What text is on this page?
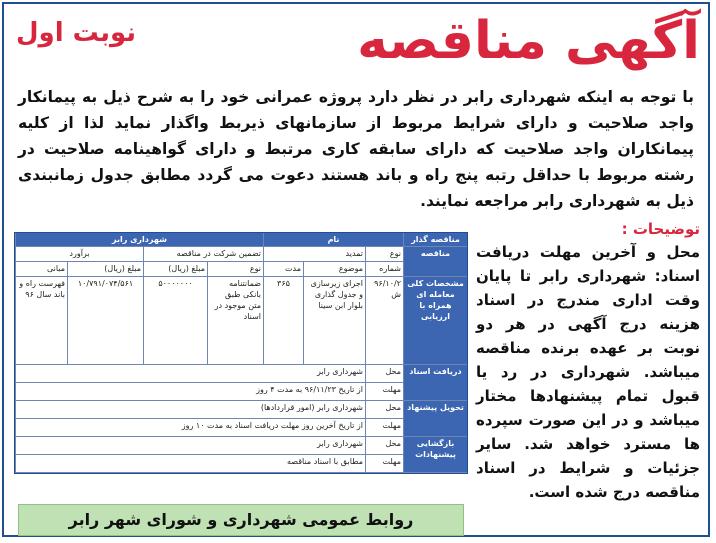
آگهی مناقصه
نوبت اول
با توجه به اینکه شهرداری رابر در نظر دارد پروژه عمرانی خود را به شرح ذیل به پیمانکار واجد صلاحیت و دارای شرایط مربوط از سازمانهای ذیربط واگذار نماید لذا از کلیه پیمانکاران واجد صلاحیت که دارای سابقه کاری مرتبط و دارای گواهینامه صلاحیت در رشته مربوط با حداقل رتبه پنج راه و باند هستند دعوت می گردد مطابق جدول زمانبندی ذیل به شهرداری رابر مراجعه نمایند.
توضیحات :
محل و آخرین مهلت دریافت اسناد: شهرداری رابر تا پایان وقت اداری مندرج در اسناد هزینه درج آگهی در هر دو نوبت بر عهده برنده مناقصه میباشد. شهرداری در رد یا قبول تمام پیشنهادها مختار میباشد و در این صورت سپرده ها مسترد خواهد شد. سایر جزئیات و شرایط در اسناد مناقصه درج شده است.
مناقصه گذار
نام
شهرداری رابر
مناقصه
نوع
تمدید
تضمین شرکت در مناقصه
برآورد
شماره
موضوع
مدت
نوع
مبلغ (ریال)
مبلغ (ریال)
مبانی
مشخصات کلی
معامله ای همراه با ارزیابی
۹۶/۱۰/۲ ش
اجرای زیرسازی و جدول گذاری بلوار ابن سینا
۳۶۵
ضمانتنامه بانکی طبق متن موجود در اسناد
۵۰۰۰۰۰۰۰
۱۰/۷۹۱/۰۷۴/۵۶۱
فهرست راه و باند سال ۹۶
دریافت اسناد
محل
شهرداری رابر
مهلت
از تاریخ ۹۶/۱۱/۲۳ به مدت ۴ روز
تحویل پیشنهاد
محل
شهرداری رابر (امور قراردادها)
مهلت
از تاریخ آخرین روز مهلت دریافت اسناد به مدت ۱۰ روز
بازگشایی پیشنهادات
محل
شهرداری رابر
مهلت
مطابق با اسناد مناقصه
روابط عمومی شهرداری و شورای شهر رابر
